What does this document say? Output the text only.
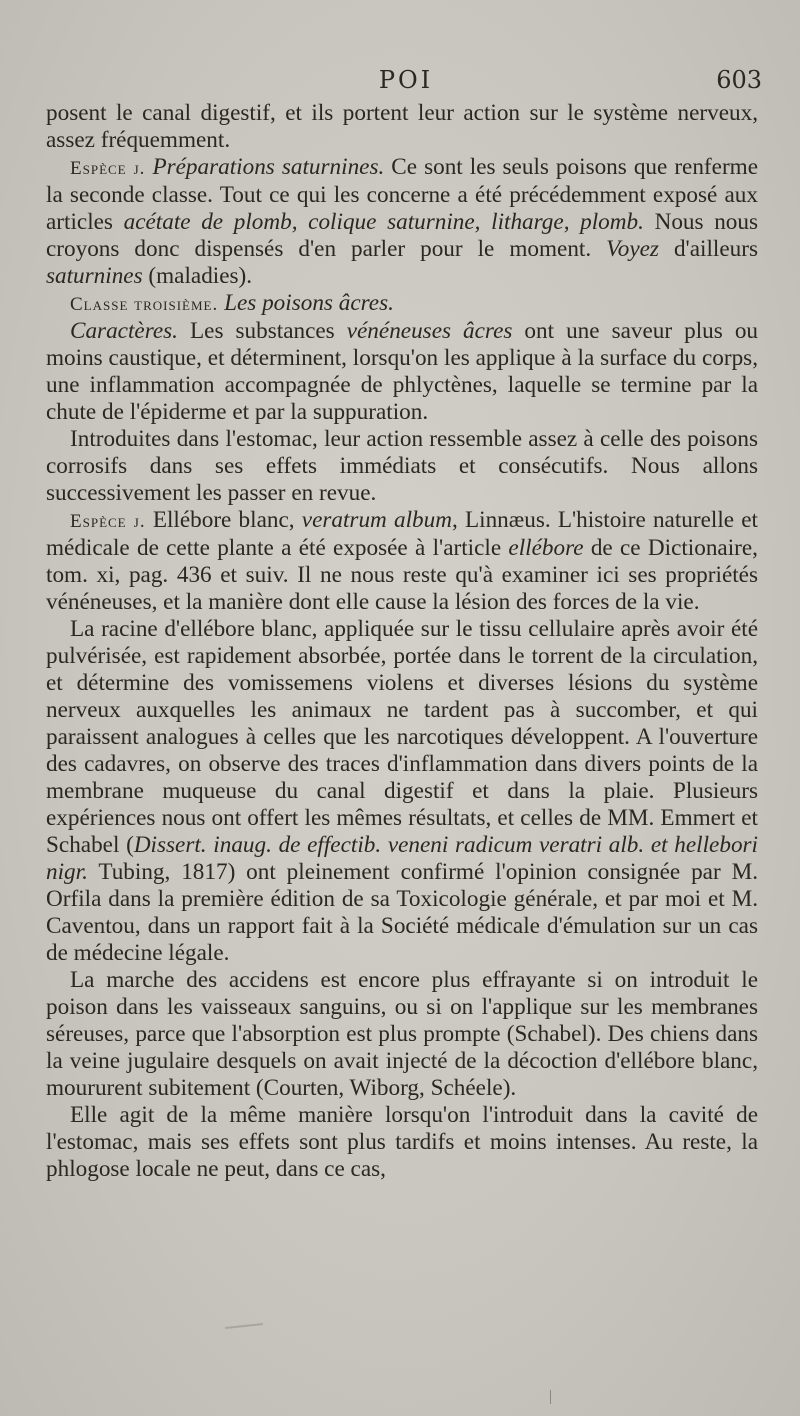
POI	603

posent le canal digestif, et ils portent leur action sur le système nerveux, assez fréquemment.

Espèce j. Préparations saturnines. Ce sont les seuls poisons que renferme la seconde classe. Tout ce qui les concerne a été précédemment exposé aux articles acétate de plomb, colique saturnine, litharge, plomb. Nous nous croyons donc dispensés d'en parler pour le moment. Voyez d'ailleurs saturnines (maladies).

Classe troisième. Les poisons âcres.

Caractères. Les substances vénéneuses âcres ont une saveur plus ou moins caustique, et déterminent, lorsqu'on les applique à la surface du corps, une inflammation accompagnée de phlyctènes, laquelle se termine par la chute de l'épiderme et par la suppuration.

Introduites dans l'estomac, leur action ressemble assez à celle des poisons corrosifs dans ses effets immédiats et consécutifs. Nous allons successivement les passer en revue.

Espèce j. Ellébore blanc, veratrum album, Linnæus. L'histoire naturelle et médicale de cette plante a été exposée à l'article ellébore de ce Dictionaire, tom. xi, pag. 436 et suiv. Il ne nous reste qu'à examiner ici ses propriétés vénéneuses, et la manière dont elle cause la lésion des forces de la vie.

La racine d'ellébore blanc, appliquée sur le tissu cellulaire après avoir été pulvérisée, est rapidement absorbée, portée dans le torrent de la circulation, et détermine des vomissemens violens et diverses lésions du système nerveux auxquelles les animaux ne tardent pas à succomber, et qui paraissent analogues à celles que les narcotiques développent. A l'ouverture des cadavres, on observe des traces d'inflammation dans divers points de la membrane muqueuse du canal digestif et dans la plaie. Plusieurs expériences nous ont offert les mêmes résultats, et celles de MM. Emmert et Schabel (Dissert. inaug. de effectib. veneni radicum veratri alb. et hellebori nigr. Tubing, 1817) ont pleinement confirmé l'opinion consignée par M. Orfila dans la première édition de sa Toxicologie générale, et par moi et M. Caventou, dans un rapport fait à la Société médicale d'émulation sur un cas de médecine légale.

La marche des accidens est encore plus effrayante si on introduit le poison dans les vaisseaux sanguins, ou si on l'applique sur les membranes séreuses, parce que l'absorption est plus prompte (Schabel). Des chiens dans la veine jugulaire desquels on avait injecté de la décoction d'ellébore blanc, moururent subitement (Courten, Wiborg, Schéele).

Elle agit de la même manière lorsqu'on l'introduit dans la cavité de l'estomac, mais ses effets sont plus tardifs et moins intenses. Au reste, la phlogose locale ne peut, dans ce cas,
